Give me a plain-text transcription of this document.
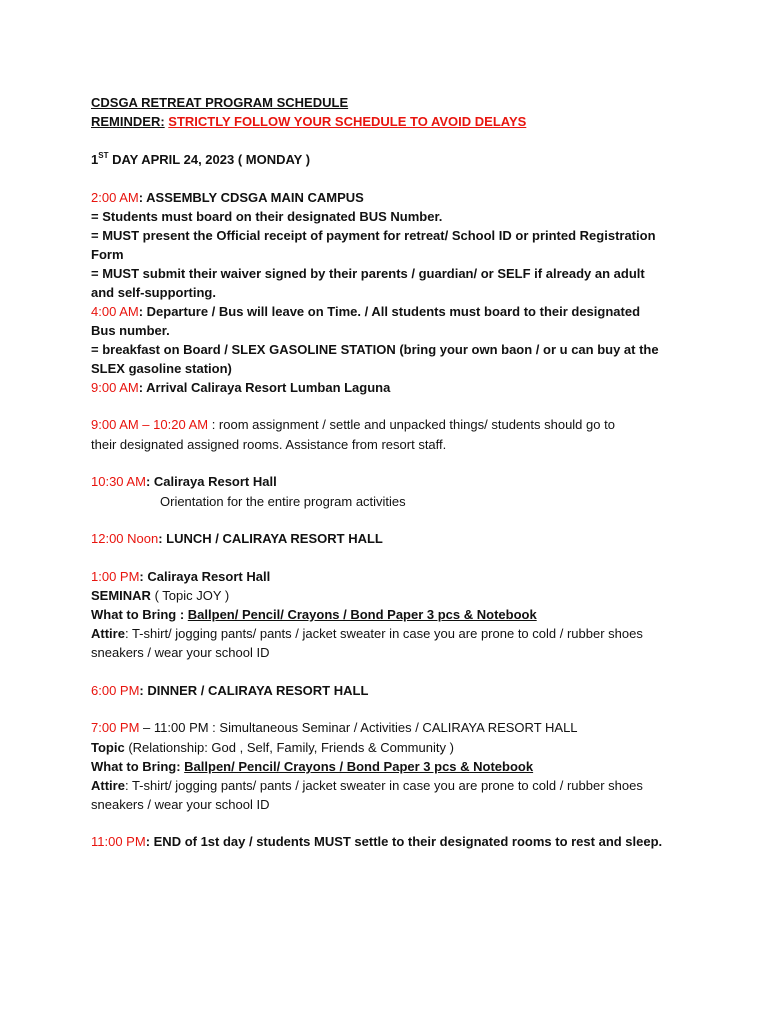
CDSGA RETREAT PROGRAM SCHEDULE
REMINDER: STRICTLY FOLLOW YOUR SCHEDULE TO AVOID DELAYS
1ST DAY APRIL 24, 2023 ( MONDAY )
2:00 AM: ASSEMBLY CDSGA MAIN CAMPUS
= Students must board on their designated BUS Number.
= MUST present the Official receipt of payment for retreat/ School ID or printed Registration
Form
= MUST submit their waiver signed by their parents / guardian/ or SELF if already an adult
and self-supporting.
4:00 AM: Departure / Bus will leave on Time. / All students must board to their designated
Bus number.
= breakfast on Board / SLEX GASOLINE STATION (bring your own baon / or u can buy at the
SLEX gasoline station)
9:00 AM: Arrival Caliraya Resort Lumban Laguna
9:00 AM – 10:20 AM : room assignment / settle and unpacked things/ students should go to
their designated assigned rooms. Assistance from resort staff.
10:30 AM: Caliraya Resort Hall
Orientation for the entire program activities
12:00 Noon: LUNCH / CALIRAYA RESORT HALL
1:00 PM: Caliraya Resort Hall
SEMINAR ( Topic JOY )
What to Bring : Ballpen/ Pencil/ Crayons / Bond Paper 3 pcs & Notebook
Attire: T-shirt/ jogging pants/ pants / jacket sweater in case you are prone to cold / rubber shoes
sneakers / wear your school ID
6:00 PM: DINNER / CALIRAYA RESORT HALL
7:00 PM – 11:00 PM : Simultaneous Seminar / Activities / CALIRAYA RESORT HALL
Topic (Relationship: God , Self, Family, Friends & Community )
What to Bring: Ballpen/ Pencil/ Crayons / Bond Paper 3 pcs & Notebook
Attire: T-shirt/ jogging pants/ pants / jacket sweater in case you are prone to cold / rubber shoes
sneakers / wear your school ID
11:00 PM: END of 1st day / students MUST settle to their designated rooms to rest and sleep.
